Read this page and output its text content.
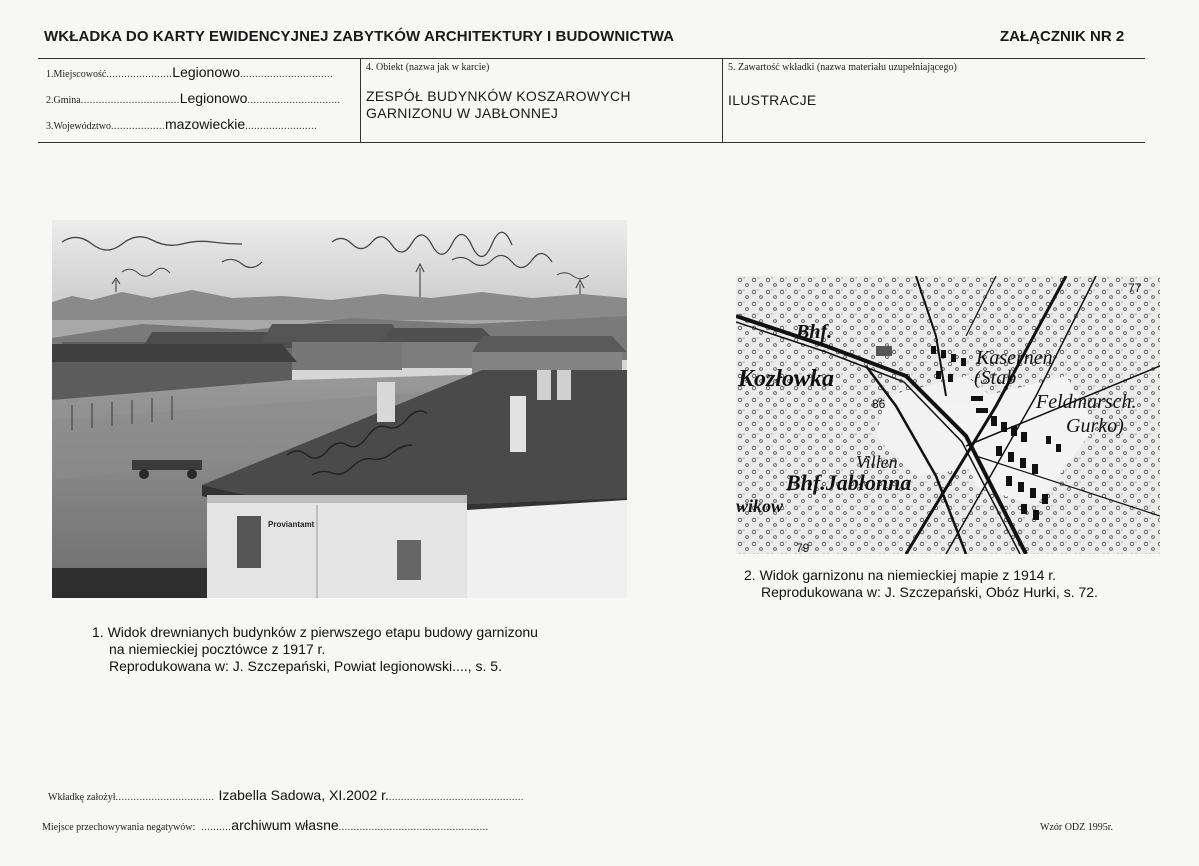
WKŁADKA DO KARTY EWIDENCYJNEJ ZABYTKÓW ARCHITEKTURY I BUDOWNICTWA	ZAŁĄCZNIK NR 2
1.Miejscowość......................Legionowo...............................
2.Gmina.................................Legionowo...............................
3.Województwo..................mazowieckie........................
4. Obiekt (nazwa jak w karcie)
ZESPÓŁ BUDYNKÓW KOSZAROWYCH
GARNIZONU W JABŁONNEJ
5. Zawartość wkładki (nazwa materiału uzupełniającego)
ILUSTRACJE
Proviantamt
1. Widok drewnianych budynków z pierwszego etapu budowy garnizonu
na niemieckiej pocztówce z 1917 r.
Reprodukowana w: J. Szczepański, Powiat legionowski...., s. 5.
Bhf.
Kozłowka
Kasernen
(Stab
Feldmarsch.
Gurko)
86
Villen
Bhf.Jabłonna
wikow
79
77
2. Widok garnizonu na niemieckiej mapie z 1914 r.
Reprodukowana w: J. Szczepański, Obóz Hurki, s. 72.
Wkładkę założył................................. Izabella Sadowa, XI.2002 r..............................................
Miejsce przechowywania negatywów: ..........archiwum własne..................................................	Wzór ODZ 1995r.
